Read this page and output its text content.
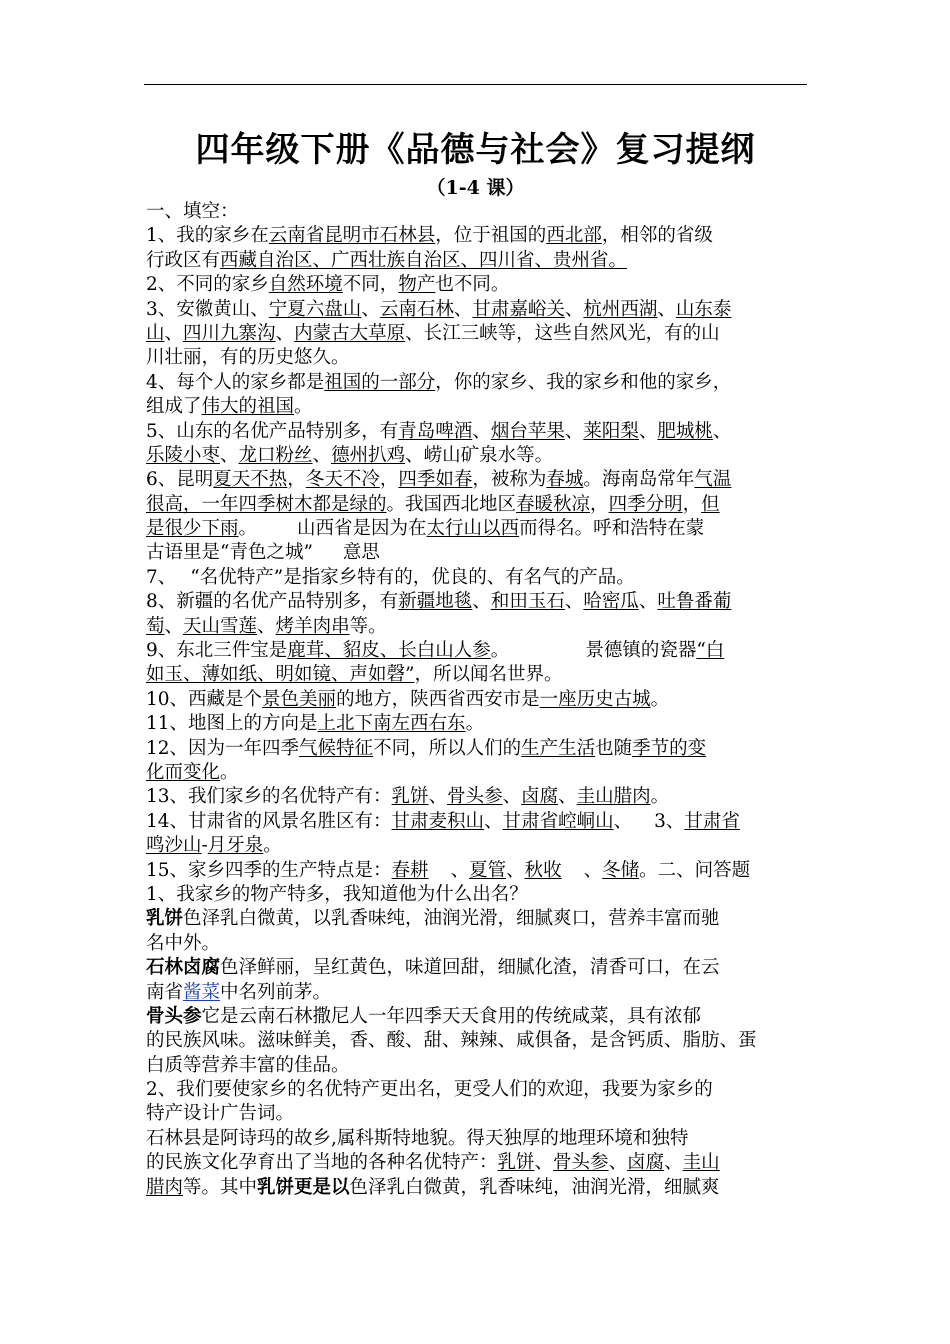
四年级下册《品德与社会》复习提纲
（1-4 课）
一、填空：
1、我的家乡在云南省昆明市石林县，位于祖国的西北部，相邻的省级
行政区有西藏自治区、广西壮族自治区、四川省、贵州省。
2、不同的家乡自然环境不同，物产也不同。
3、安徽黄山、宁夏六盘山、云南石林、甘肃嘉峪关、杭州西湖、山东泰
山、四川九寨沟、内蒙古大草原、长江三峡等，这些自然风光，有的山
川壮丽，有的历史悠久。
4、每个人的家乡都是祖国的一部分，你的家乡、我的家乡和他的家乡，
组成了伟大的祖国。
5、山东的名优产品特别多，有青岛啤酒、烟台苹果、莱阳梨、肥城桃、
乐陵小枣、龙口粉丝、德州扒鸡、崂山矿泉水等。
6、昆明夏天不热，冬天不冷，四季如春，被称为春城。海南岛常年气温
很高，一年四季树木都是绿的。我国西北地区春暖秋凉，四季分明，但
是很少下雨。 山西省是因为在太行山以西而得名。呼和浩特在蒙
古语里是“青色之城” 意思
7、 “名优特产”是指家乡特有的，优良的、有名气的产品。
8、新疆的名优产品特别多，有新疆地毯、和田玉石、哈密瓜、吐鲁番葡
萄、天山雪莲、烤羊肉串等。
9、东北三件宝是鹿茸、貂皮、长白山人参。	景德镇的瓷器“白
如玉、薄如纸、明如镜、声如磬”，所以闻名世界。
10、西藏是个景色美丽的地方，陕西省西安市是一座历史古城。
11、地图上的方向是上北下南左西右东。
12、因为一年四季气候特征不同，所以人们的生产生活也随季节的变
化而变化。
13、我们家乡的名优特产有：乳饼、骨头参、卤腐、圭山腊肉。
14、甘肃省的风景名胜区有：甘肃麦积山、甘肃省崆峒山、 3、甘肃省
鸣沙山-月牙泉。
15、家乡四季的生产特点是：春耕 、夏管、秋收 、冬储。二、问答题
1、我家乡的物产特多，我知道他为什么出名？
乳饼色泽乳白微黄，以乳香味纯，油润光滑，细腻爽口，营养丰富而驰
名中外。
石林卤腐色泽鲜丽，呈红黄色，味道回甜，细腻化渣，清香可口，在云
南省酱菜中名列前茅。
骨头参它是云南石林撒尼人一年四季天天食用的传统咸菜，具有浓郁
的民族风味。滋味鲜美，香、酸、甜、辣辣、咸俱备，是含钙质、脂肪、蛋
白质等营养丰富的佳品。
2、我们要使家乡的名优特产更出名，更受人们的欢迎，我要为家乡的
特产设计广告词。
石林县是阿诗玛的故乡,属科斯特地貌。得天独厚的地理环境和独特
的民族文化孕育出了当地的各种名优特产：乳饼、骨头参、卤腐、圭山
腊肉等。其中乳饼更是以色泽乳白微黄，乳香味纯，油润光滑，细腻爽
